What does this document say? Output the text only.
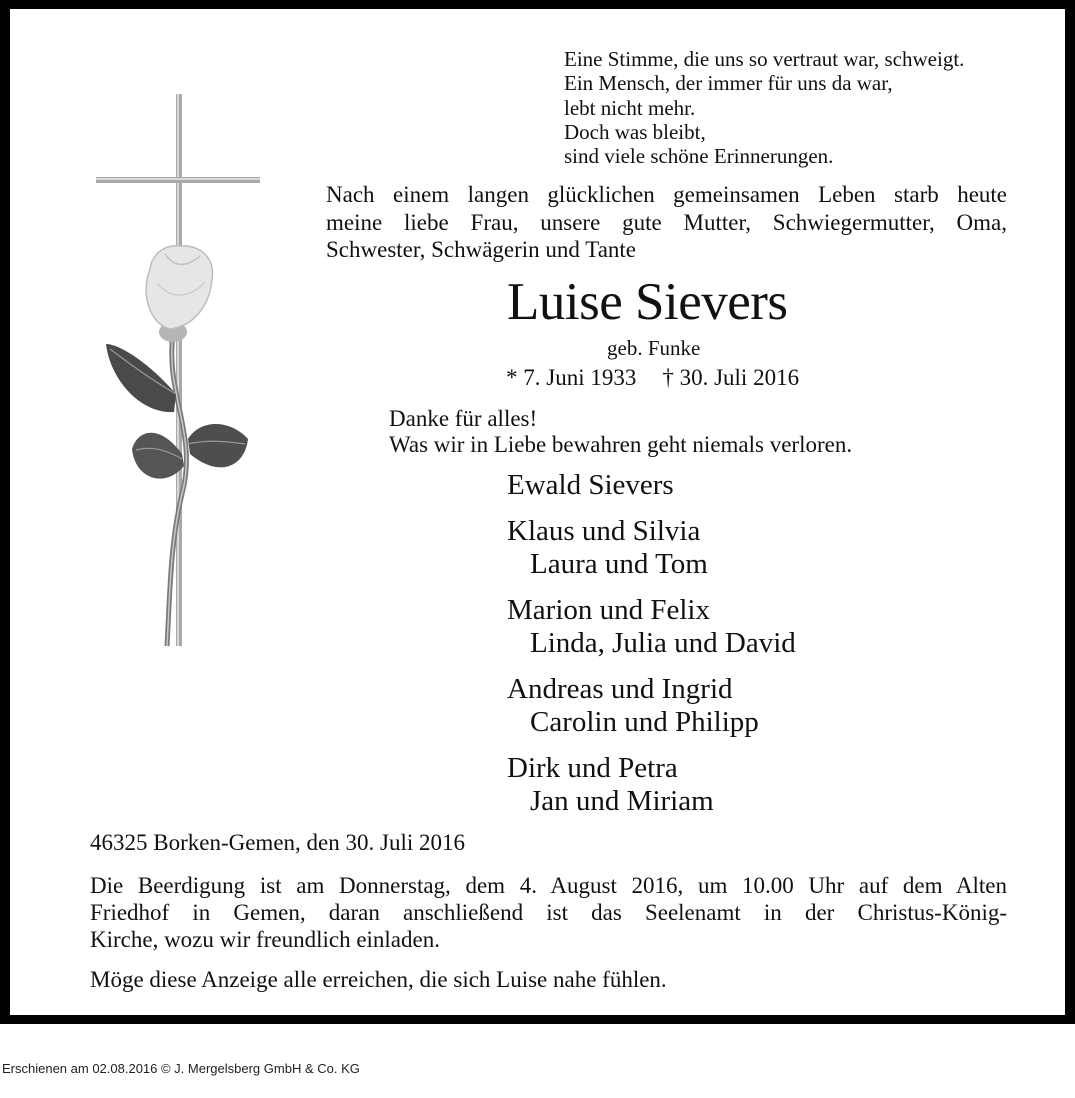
Eine Stimme, die uns so vertraut war, schweigt.
Ein Mensch, der immer für uns da war,
lebt nicht mehr.
Doch was bleibt,
sind viele schöne Erinnerungen.
Nach einem langen glücklichen gemeinsamen Leben starb heute
meine liebe Frau, unsere gute Mutter, Schwiegermutter, Oma,
Schwester, Schwägerin und Tante
Luise Sievers
geb. Funke
* 7. Juni 1933 † 30. Juli 2016
Danke für alles!
Was wir in Liebe bewahren geht niemals verloren.
Ewald Sievers
Klaus und Silvia
Laura und Tom
Marion und Felix
Linda, Julia und David
Andreas und Ingrid
Carolin und Philipp
Dirk und Petra
Jan und Miriam
46325 Borken-Gemen, den 30. Juli 2016
Die Beerdigung ist am Donnerstag, dem 4. August 2016, um 10.00 Uhr auf dem Alten
Friedhof in Gemen, daran anschließend ist das Seelenamt in der Christus-König-
Kirche, wozu wir freundlich einladen.
Möge diese Anzeige alle erreichen, die sich Luise nahe fühlen.
Erschienen am 02.08.2016 © J. Mergelsberg GmbH & Co. KG
